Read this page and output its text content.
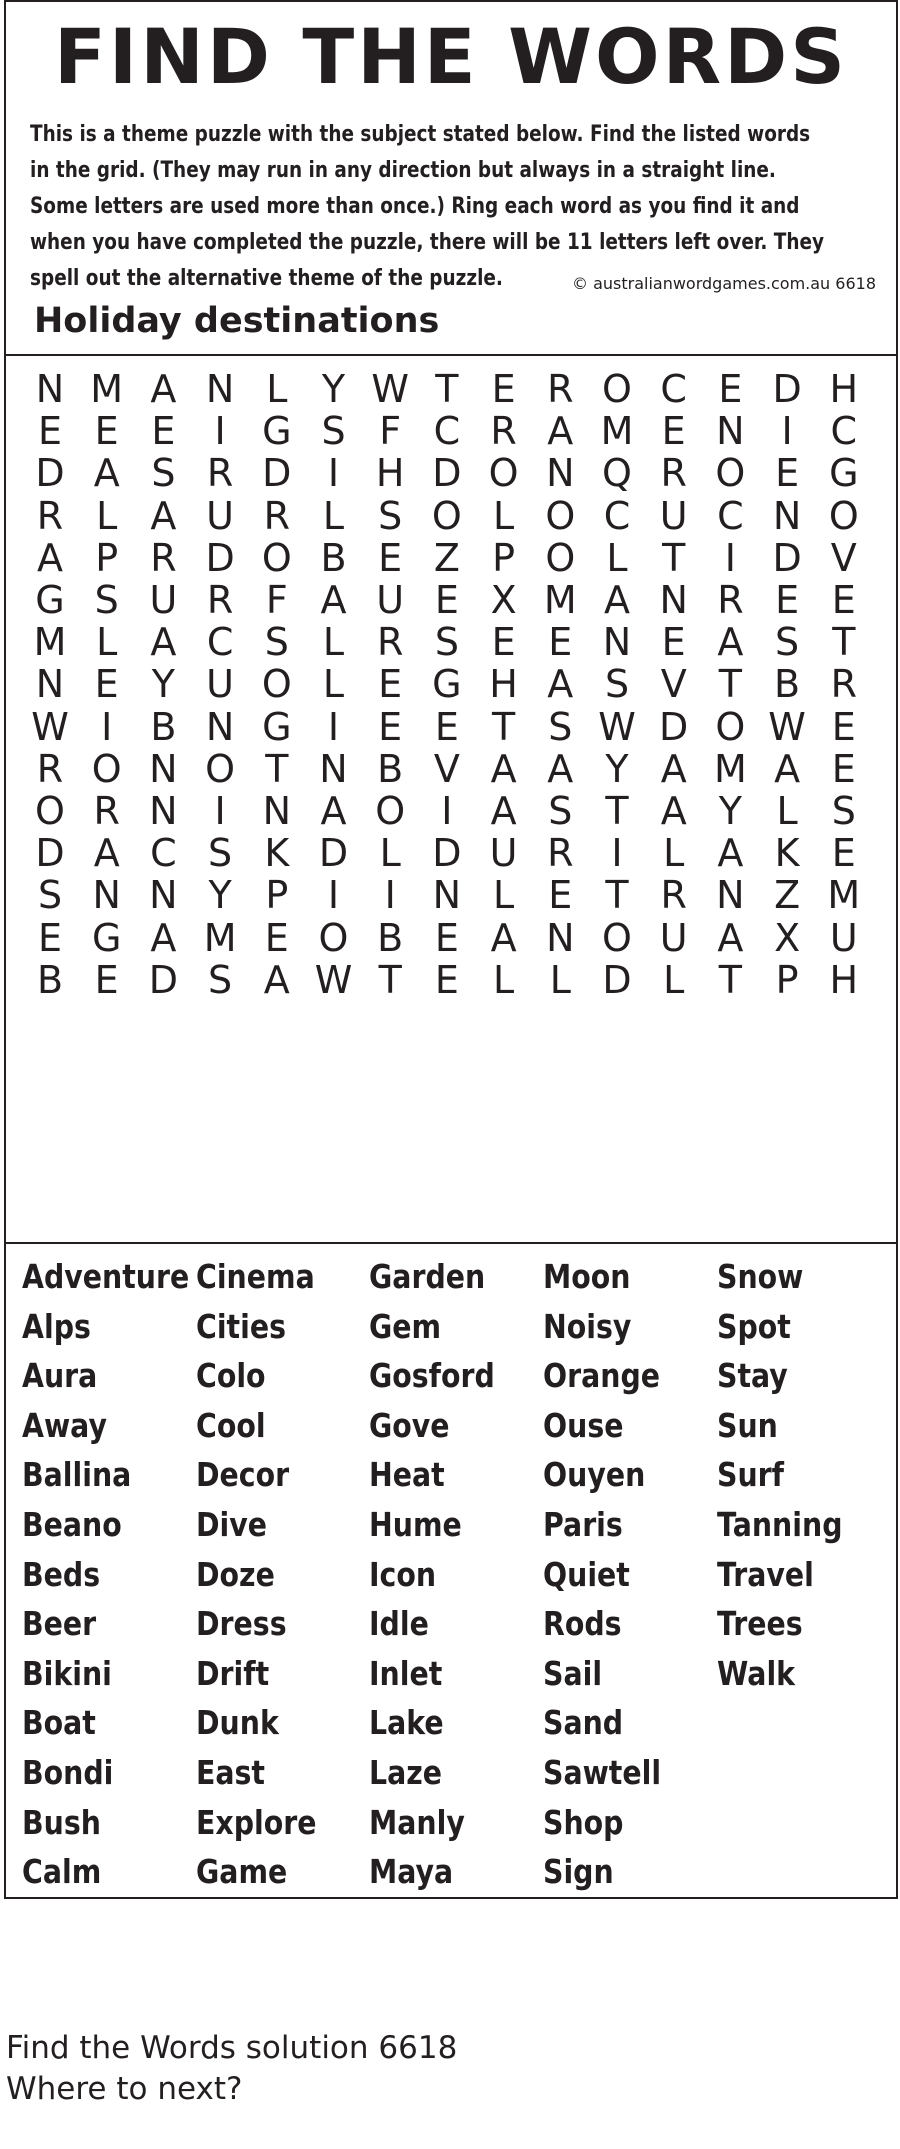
FIND THE WORDS
This is a theme puzzle with the subject stated below. Find the listed words
in the grid. (They may run in any direction but always in a straight line.
Some letters are used more than once.) Ring each word as you find it and
when you have completed the puzzle, there will be 11 letters left over. They
spell out the alternative theme of the puzzle.	© australianwordgames.com.au 6618
Holiday destinations
N M A N L Y W T E R O C E D H
E E E	I G S F C R A M E N I C
D A S R D I H D O N Q R O E G
R L A U R L S O L O C U C N O
A P R D O B E Z P O L T	I D V
G S U R F A U E X M A N R E E
M L A C S L R S E E N E A S T
N E Y U O L E G H A S V T B R
W I	B N G I	E E T S W D O W E
R O N O T N B V A A Y A M A E
O R N I N A O I	A S T A Y L S
D A C S K D L D U R I	L A K E
S N N Y P	I	I N L E T R N Z M
E G A M E O B E A N O U A X U
B E D S A W T E L L D L T P H
Adventure
Alps
Aura
Away
Ballina
Beano
Beds
Beer
Bikini
Boat
Bondi
Bush
Calm
Cinema
Cities
Colo
Cool
Decor
Dive
Doze
Dress
Drift
Dunk
East
Explore
Game
Garden
Gem
Gosford
Gove
Heat
Hume
Icon
Idle
Inlet
Lake
Laze
Manly
Maya
Moon
Noisy
Orange
Ouse
Ouyen
Paris
Quiet
Rods
Sail
Sand
Sawtell
Shop
Sign
Snow
Spot
Stay
Sun
Surf
Tanning
Travel
Trees
Walk
Find the Words solution 6618
Where to next?
